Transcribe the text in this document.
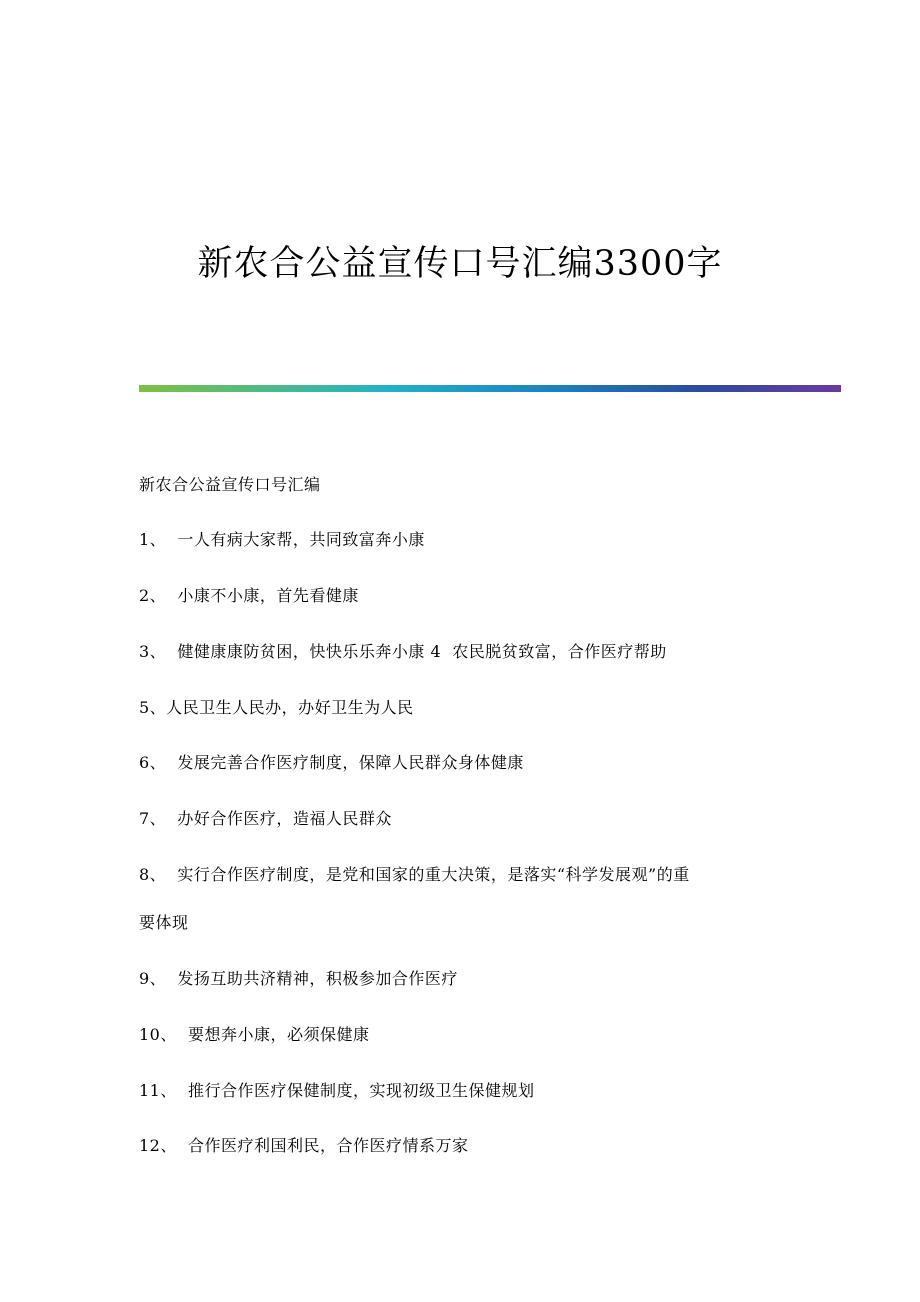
新农合公益宣传口号汇编3300字
新农合公益宣传口号汇编
1、  一人有病大家帮，共同致富奔小康
2、  小康不小康，首先看健康
3、  健健康康防贫困，快快乐乐奔小康 4  农民脱贫致富，合作医疗帮助
5、人民卫生人民办，办好卫生为人民
6、  发展完善合作医疗制度，保障人民群众身体健康
7、  办好合作医疗，造福人民群众
8、  实行合作医疗制度，是党和国家的重大决策，是落实“科学发展观”的重
要体现
9、  发扬互助共济精神，积极参加合作医疗
10、  要想奔小康，必须保健康
11、  推行合作医疗保健制度，实现初级卫生保健规划
12、  合作医疗利国利民，合作医疗情系万家
